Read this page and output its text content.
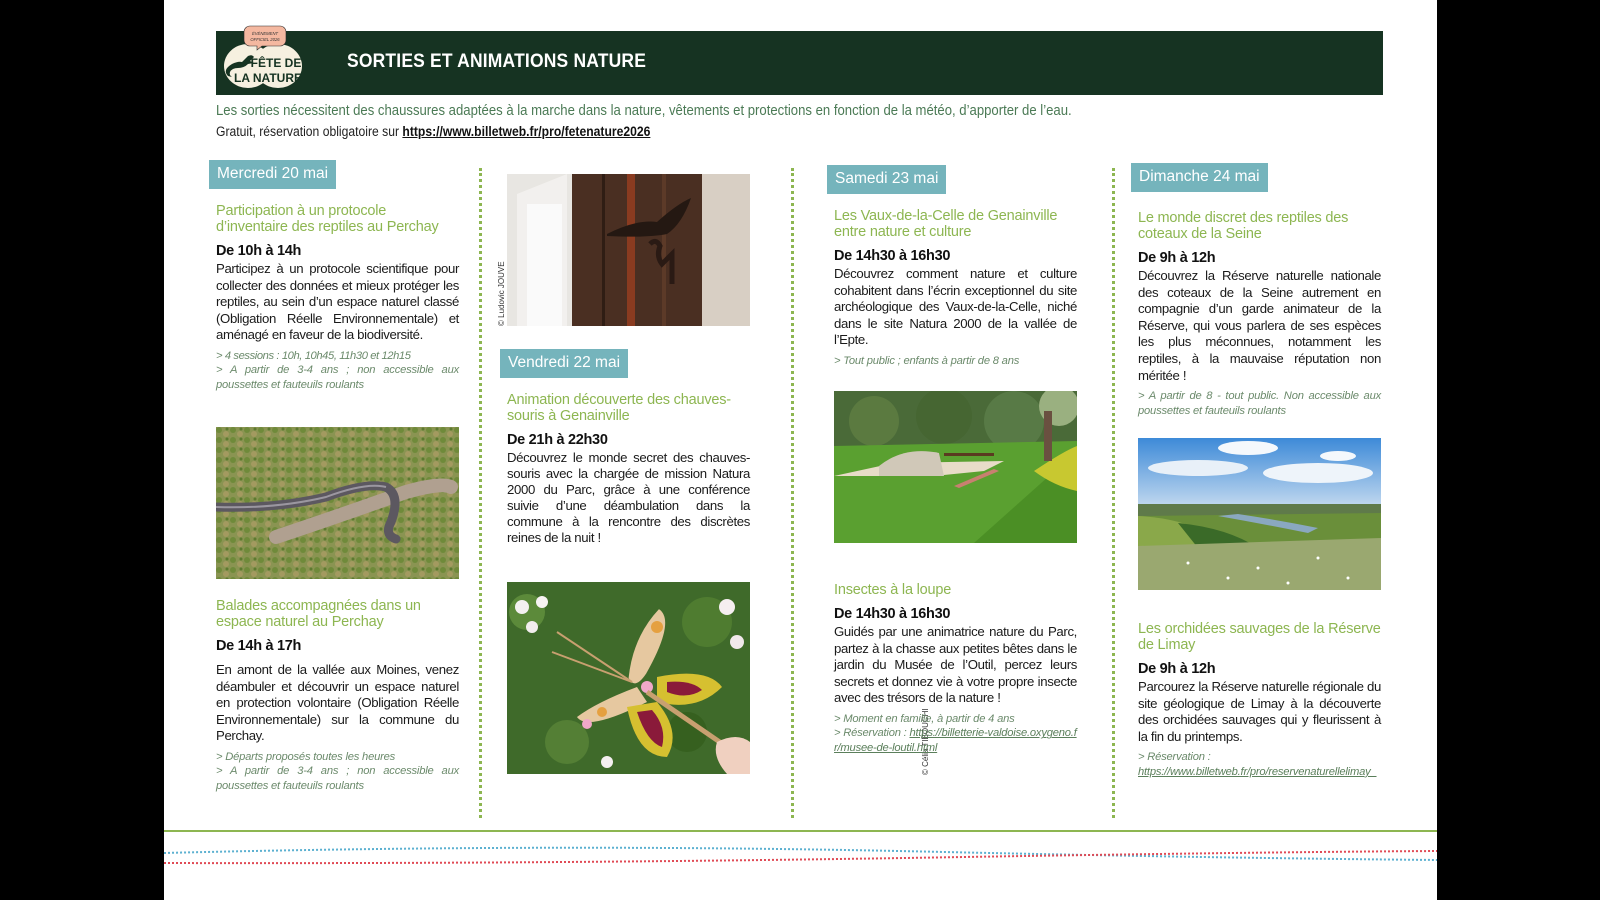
ÉVÉNEMENT
OFFICIEL 2026
FÊTE DE
LA NATURE
SORTIES ET ANIMATIONS NATURE
Les sorties nécessitent des chaussures adaptées à la marche dans la nature, vêtements et protections en fonction de la météo, d’apporter de l’eau.
Gratuit, réservation obligatoire sur https://www.billetweb.fr/pro/fetenature2026
Mercredi 20 mai
Participation à un protocole d’inventaire des reptiles au Perchay
De 10h à 14h
Participez à un protocole scientifique pour collecter des données et mieux protéger les reptiles, au sein d’un espace naturel classé (Obligation Réelle Environnementale) et aménagé en faveur de la biodiversité.
> 4 sessions : 10h, 10h45, 11h30 et 12h15
> A partir de 3-4 ans ; non accessible aux poussettes et fauteuils roulants
Balades accompagnées dans un espace naturel au Perchay
De 14h à 17h
En amont de la vallée aux Moines, venez déambuler et découvrir un espace naturel en protection volontaire (Obligation Réelle Environnementale) sur la commune du Perchay.
> Départs proposés toutes les heures
> A partir de 3-4 ans ; non accessible aux poussettes et fauteuils roulants
© Ludovic JOUVE
Vendredi 22 mai
Animation découverte des chauves-souris à Genainville
De 21h à 22h30
Découvrez le monde secret des chauves-souris avec la chargée de mission Natura 2000 du Parc, grâce à une conférence suivie d’une déambulation dans la commune à la rencontre des discrètes reines de la nuit !
© Célia TIBOUCHI
Samedi 23 mai
Les Vaux-de-la-Celle de Genainville entre nature et culture
De 14h30 à 16h30
Découvrez comment nature et culture cohabitent dans l’écrin exceptionnel du site archéologique des Vaux-de-la-Celle, niché dans le site Natura 2000 de la vallée de l’Epte.
> Tout public ; enfants à partir de 8 ans
Insectes à la loupe
De 14h30 à 16h30
Guidés par une animatrice nature du Parc, partez à la chasse aux petites bêtes dans le jardin du Musée de l’Outil, percez leurs secrets et donnez vie à votre propre insecte avec des trésors de la nature !
> Moment en famille, à partir de 4 ans
> Réservation : https://billetterie-valdoise.oxygeno.fr/musee-de-loutil.html
Dimanche 24 mai
Le monde discret des reptiles des coteaux de la Seine
De 9h à 12h
Découvrez la Réserve naturelle nationale des coteaux de la Seine autrement en compagnie d’un garde animateur de la Réserve, qui vous parlera de ses espèces les plus méconnues, notamment les reptiles, à la mauvaise réputation non méritée !
> A partir de 8 - tout public. Non accessible aux poussettes et fauteuils roulants
Les orchidées sauvages de la Réserve de Limay
De 9h à 12h
Parcourez la Réserve naturelle régionale du site géologique de Limay à la découverte des orchidées sauvages qui y fleurissent à la fin du printemps.
> Réservation :
https://www.billetweb.fr/pro/reservenaturellelimay_
